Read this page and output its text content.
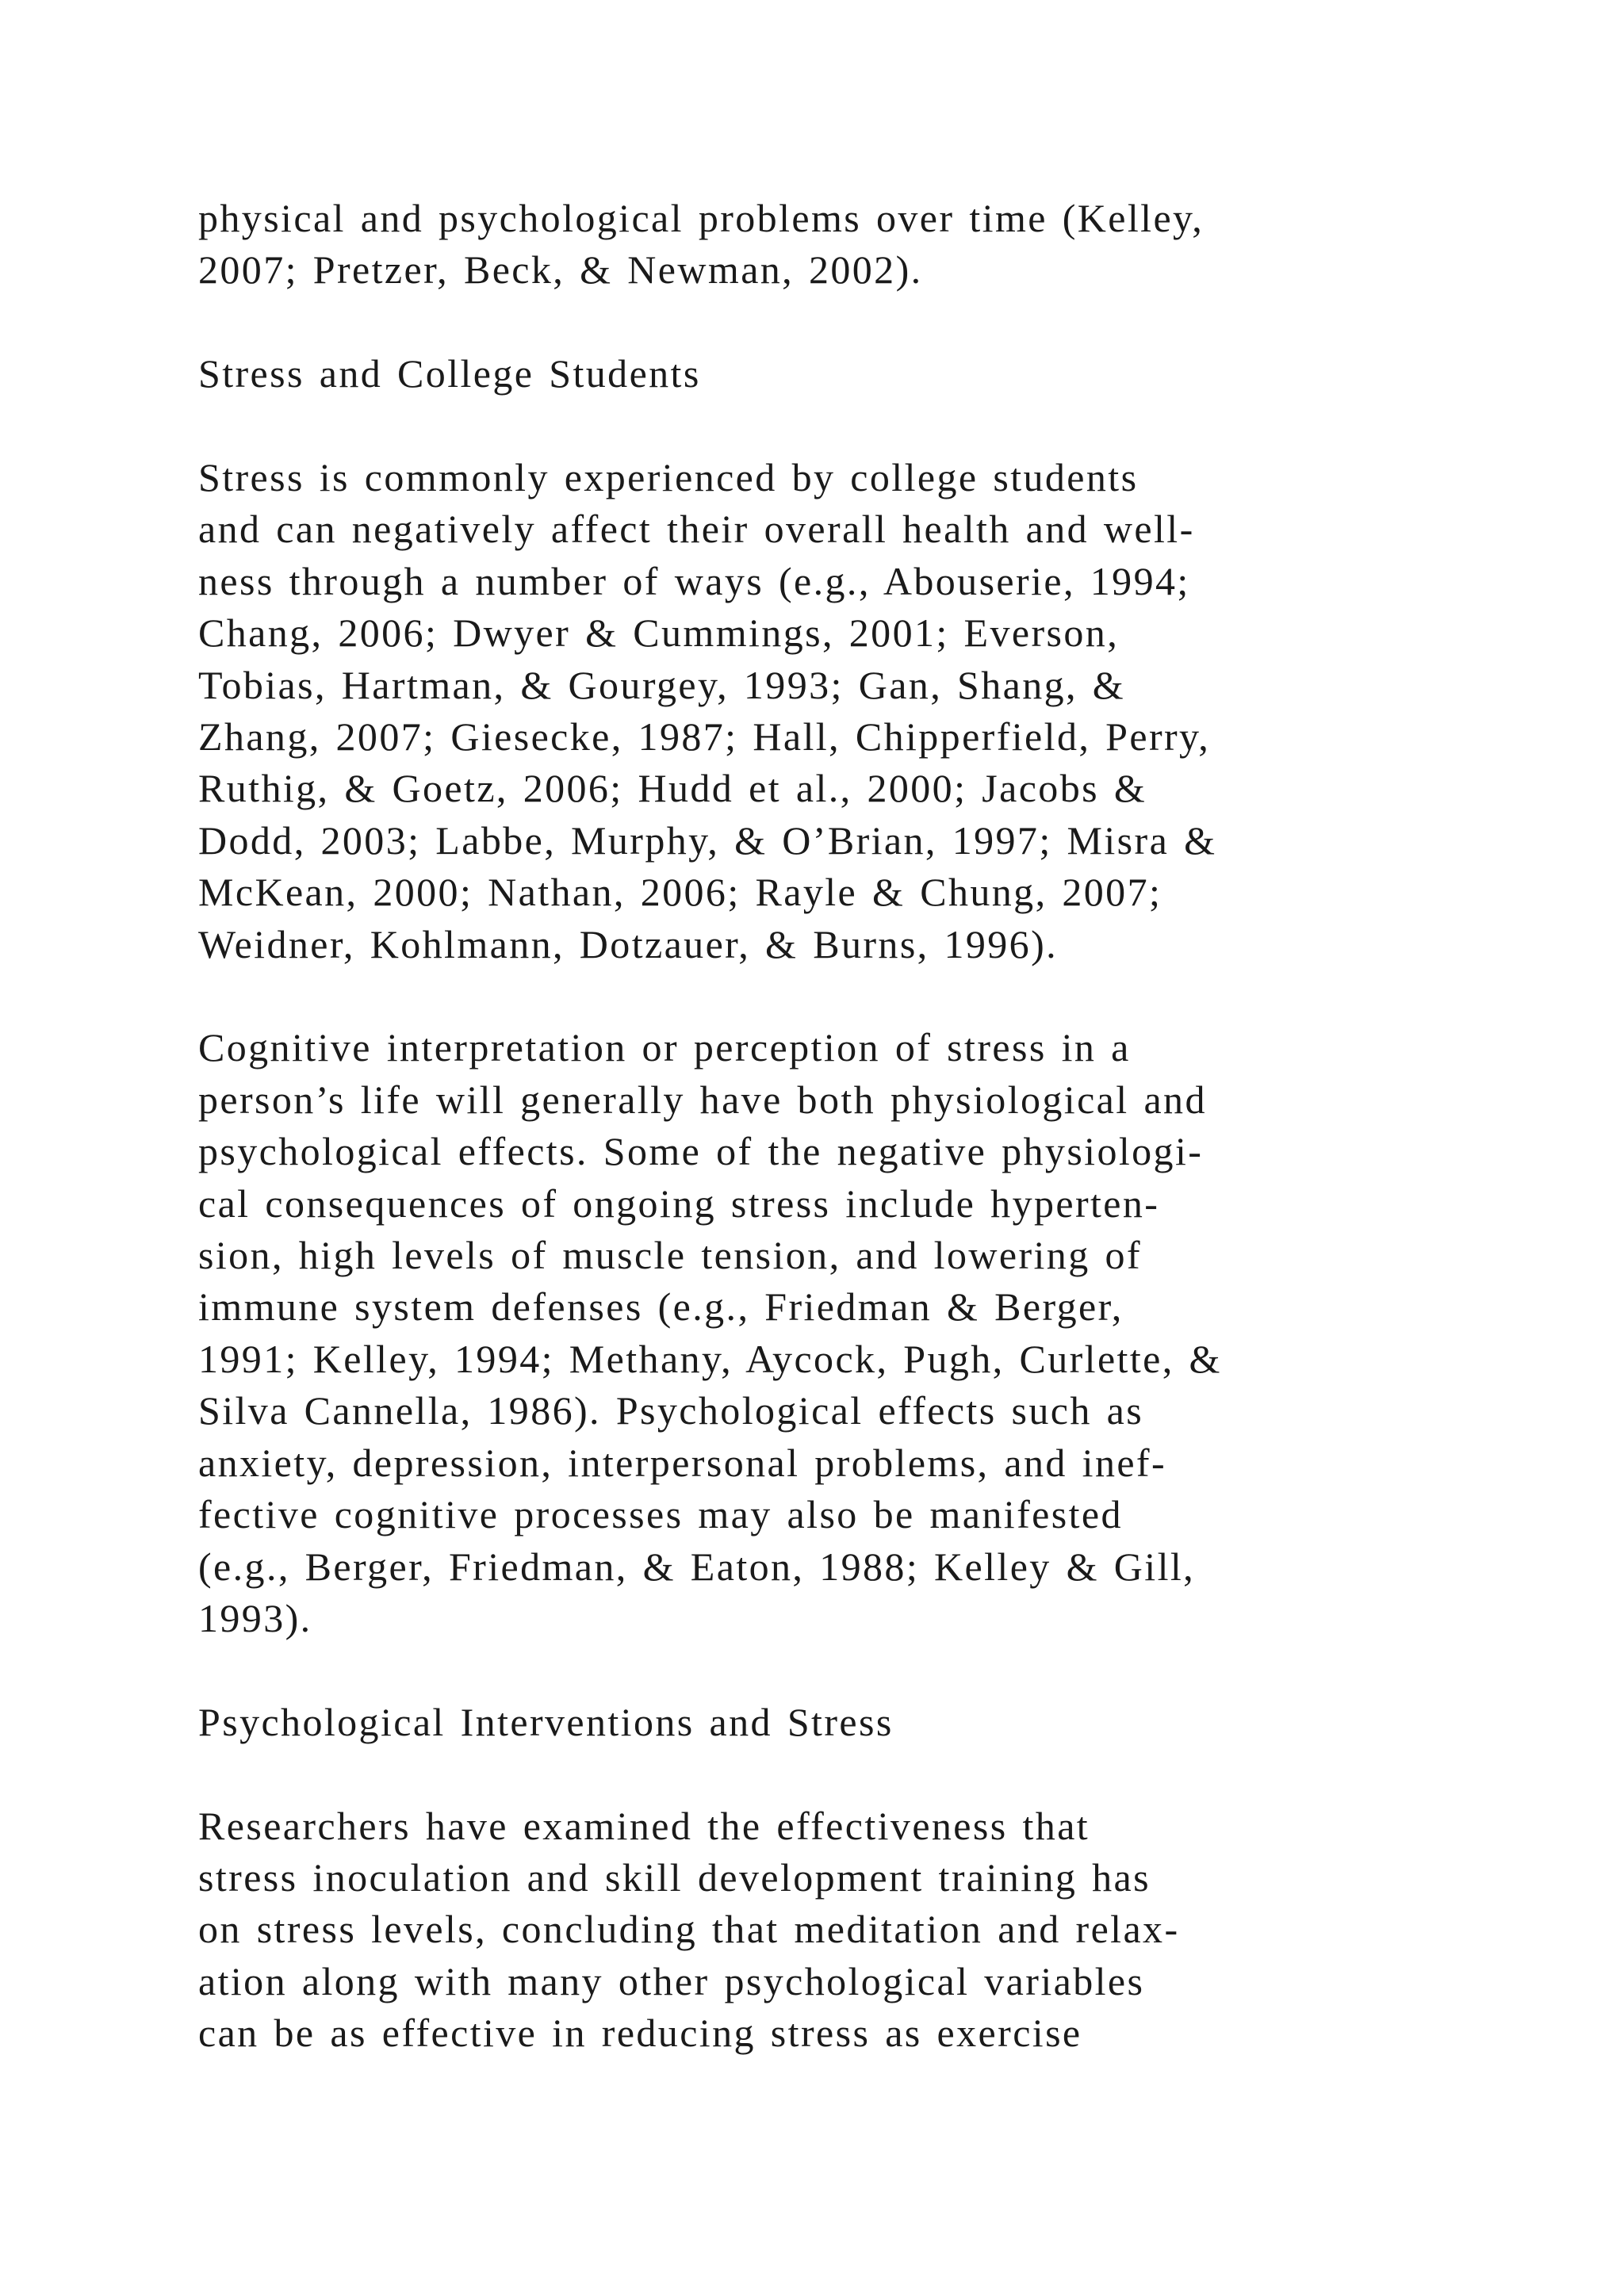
physical and psychological problems over time (Kelley,
2007; Pretzer, Beck, & Newman, 2002).

Stress and College Students

Stress is commonly experienced by college students
and can negatively affect their overall health and well-
ness through a number of ways (e.g., Abouserie, 1994;
Chang, 2006; Dwyer & Cummings, 2001; Everson,
Tobias, Hartman, & Gourgey, 1993; Gan, Shang, &
Zhang, 2007; Giesecke, 1987; Hall, Chipperfield, Perry,
Ruthig, & Goetz, 2006; Hudd et al., 2000; Jacobs &
Dodd, 2003; Labbe, Murphy, & O’Brian, 1997; Misra &
McKean, 2000; Nathan, 2006; Rayle & Chung, 2007;
Weidner, Kohlmann, Dotzauer, & Burns, 1996).

Cognitive interpretation or perception of stress in a
person’s life will generally have both physiological and
psychological effects. Some of the negative physiologi-
cal consequences of ongoing stress include hyperten-
sion, high levels of muscle tension, and lowering of
immune system defenses (e.g., Friedman & Berger,
1991; Kelley, 1994; Methany, Aycock, Pugh, Curlette, &
Silva Cannella, 1986). Psychological effects such as
anxiety, depression, interpersonal problems, and inef-
fective cognitive processes may also be manifested
(e.g., Berger, Friedman, & Eaton, 1988; Kelley & Gill,
1993).

Psychological Interventions and Stress

Researchers have examined the effectiveness that
stress inoculation and skill development training has
on stress levels, concluding that meditation and relax-
ation along with many other psychological variables
can be as effective in reducing stress as exercise
